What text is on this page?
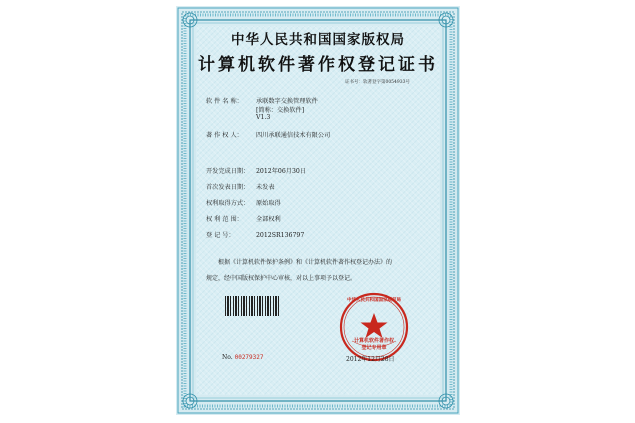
中华人民共和国国家版权局
计算机软件著作权登记证书
证书号：软著登字第0054933号
软 件 名 称： 承联数字交换管理软件
[简称：交换软件]
V1.3
著 作 权 人： 四川承联通信技术有限公司
开发完成日期： 2012年06月30日
首次发表日期： 未发表
权利取得方式： 原始取得
权 利 范 围： 全部权利
登 记 号：	2012SR136797
根据《计算机软件保护条例》和《计算机软件著作权登记办法》的
规定，经中国版权保护中心审核，对以上事项予以登记。
中华人民共和国国家版权局
计算机软件著作权
登记专用章
No. 00279327	2012年12月28日
